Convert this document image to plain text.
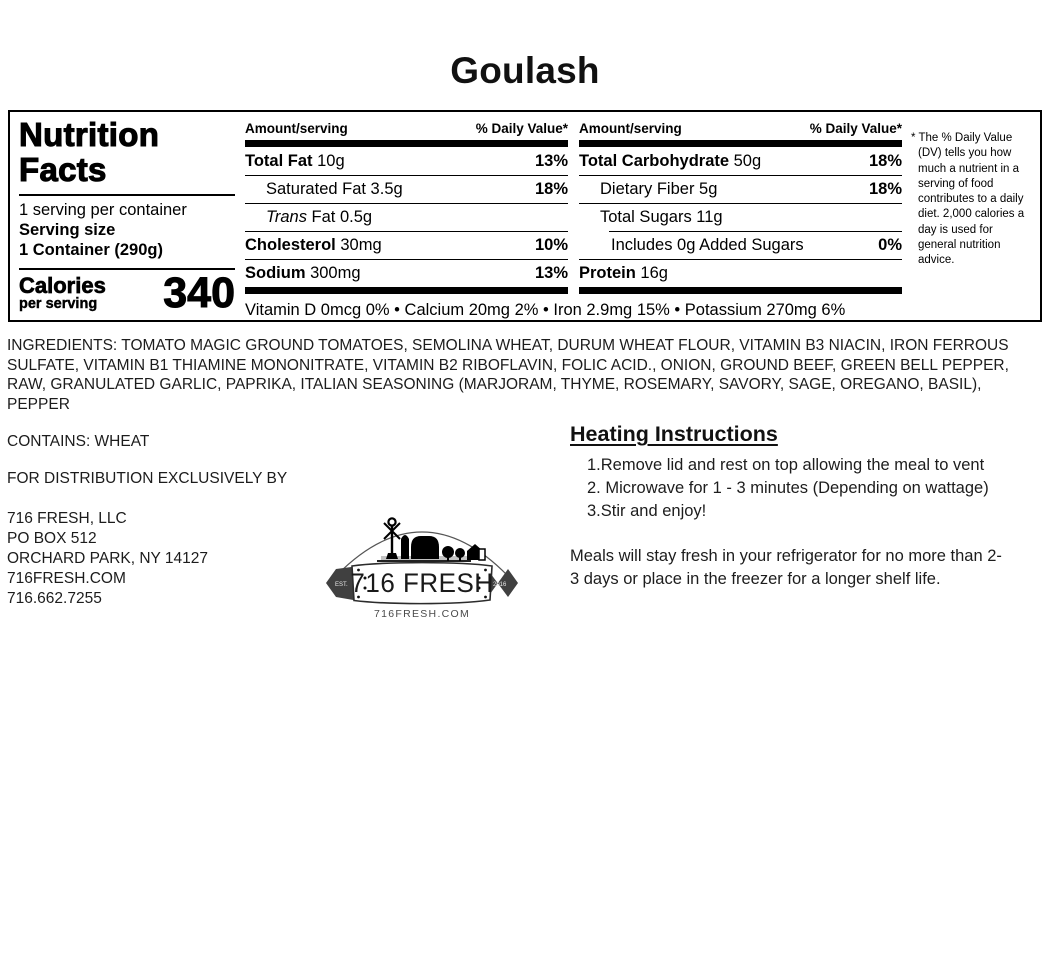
Goulash
Nutrition
Facts
1 serving per container
Serving size
1 Container (290g)
Calories
per serving 340
Amount/serving	% Daily Value*
Total Fat 10g	13%
Saturated Fat 3.5g	18%
Trans Fat 0.5g
Cholesterol 30mg	10%
Sodium 300mg	13%
Amount/serving	% Daily Value*
Total Carbohydrate 50g	18%
Dietary Fiber 5g	18%
Total Sugars 11g
Includes 0g Added Sugars	0%
Protein 16g
Vitamin D 0mcg 0% • Calcium 20mg 2% • Iron 2.9mg 15% • Potassium 270mg 6%
* The % Daily Value (DV) tells you how much a nutrient in a serving of food contributes to a daily diet. 2,000 calories a day is used for general nutrition advice.
INGREDIENTS: TOMATO MAGIC GROUND TOMATOES, SEMOLINA WHEAT, DURUM WHEAT FLOUR, VITAMIN B3 NIACIN, IRON FERROUS SULFATE, VITAMIN B1 THIAMINE MONONITRATE, VITAMIN B2 RIBOFLAVIN, FOLIC ACID., ONION, GROUND BEEF, GREEN BELL PEPPER, RAW, GRANULATED GARLIC, PAPRIKA, ITALIAN SEASONING (MARJORAM, THYME, ROSEMARY, SAVORY, SAGE, OREGANO, BASIL), PEPPER
CONTAINS: WHEAT
FOR DISTRIBUTION EXCLUSIVELY BY
716 FRESH, LLC
PO BOX 512
ORCHARD PARK, NY 14127
716FRESH.COM
716.662.7255
EST.	2016
716 FRESH
716FRESH.COM
Heating Instructions
1. Remove lid and rest on top allowing the meal to vent
2. Microwave for 1 - 3 minutes (Depending on wattage)
3. Stir and enjoy!
Meals will stay fresh in your refrigerator for no more than 2-3 days or place in the freezer for a longer shelf life.
